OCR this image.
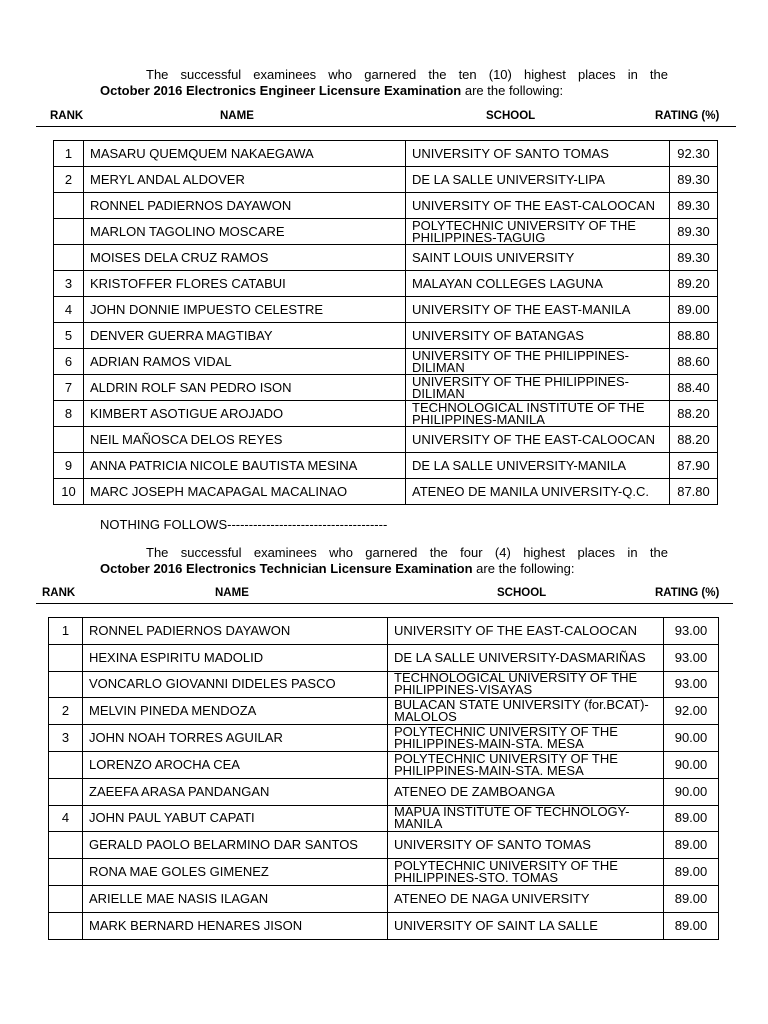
The successful examinees who garnered the ten (10) highest places in the

October 2016 Electronics Engineer Licensure Examination are the following:

RANK	NAME	SCHOOL	RATING (%)
1	MASARU QUEMQUEM NAKAEGAWA	UNIVERSITY OF SANTO TOMAS	92.30
2	MERYL ANDAL ALDOVER	DE LA SALLE UNIVERSITY-LIPA	89.30
	RONNEL PADIERNOS DAYAWON	UNIVERSITY OF THE EAST-CALOOCAN	89.30
	MARLON TAGOLINO MOSCARE	POLYTECHNIC UNIVERSITY OF THE PHILIPPINES-TAGUIG	89.30
	MOISES DELA CRUZ RAMOS	SAINT LOUIS UNIVERSITY	89.30
3	KRISTOFFER FLORES CATABUI	MALAYAN COLLEGES LAGUNA	89.20
4	JOHN DONNIE IMPUESTO CELESTRE	UNIVERSITY OF THE EAST-MANILA	89.00
5	DENVER GUERRA MAGTIBAY	UNIVERSITY OF BATANGAS	88.80
6	ADRIAN RAMOS VIDAL	UNIVERSITY OF THE PHILIPPINES-DILIMAN	88.60
7	ALDRIN ROLF SAN PEDRO ISON	UNIVERSITY OF THE PHILIPPINES-DILIMAN	88.40
8	KIMBERT ASOTIGUE AROJADO	TECHNOLOGICAL INSTITUTE OF THE PHILIPPINES-MANILA	88.20
	NEIL MAÑOSCA DELOS REYES	UNIVERSITY OF THE EAST-CALOOCAN	88.20
9	ANNA PATRICIA NICOLE BAUTISTA MESINA	DE LA SALLE UNIVERSITY-MANILA	87.90
10	MARC JOSEPH MACAPAGAL MACALINAO	ATENEO DE MANILA UNIVERSITY-Q.C.	87.80
NOTHING FOLLOWS-------------------------------------

The successful examinees who garnered the four (4) highest places in the

October 2016 Electronics Technician Licensure Examination are the following:

RANK	NAME	SCHOOL	RATING (%)
1	RONNEL PADIERNOS DAYAWON	UNIVERSITY OF THE EAST-CALOOCAN	93.00
	HEXINA ESPIRITU MADOLID	DE LA SALLE UNIVERSITY-DASMARIÑAS	93.00
	VONCARLO GIOVANNI DIDELES PASCO	TECHNOLOGICAL UNIVERSITY OF THE PHILIPPINES-VISAYAS	93.00
2	MELVIN PINEDA MENDOZA	BULACAN STATE UNIVERSITY (for.BCAT)-MALOLOS	92.00
3	JOHN NOAH TORRES AGUILAR	POLYTECHNIC UNIVERSITY OF THE PHILIPPINES-MAIN-STA. MESA	90.00
	LORENZO AROCHA CEA	POLYTECHNIC UNIVERSITY OF THE PHILIPPINES-MAIN-STA. MESA	90.00
	ZAEEFA ARASA PANDANGAN	ATENEO DE ZAMBOANGA	90.00
4	JOHN PAUL YABUT CAPATI	MAPUA INSTITUTE OF TECHNOLOGY-MANILA	89.00
	GERALD PAOLO BELARMINO DAR SANTOS	UNIVERSITY OF SANTO TOMAS	89.00
	RONA MAE GOLES GIMENEZ	POLYTECHNIC UNIVERSITY OF THE PHILIPPINES-STO. TOMAS	89.00
	ARIELLE MAE NASIS ILAGAN	ATENEO DE NAGA UNIVERSITY	89.00
	MARK BERNARD HENARES JISON	UNIVERSITY OF SAINT LA SALLE	89.00
